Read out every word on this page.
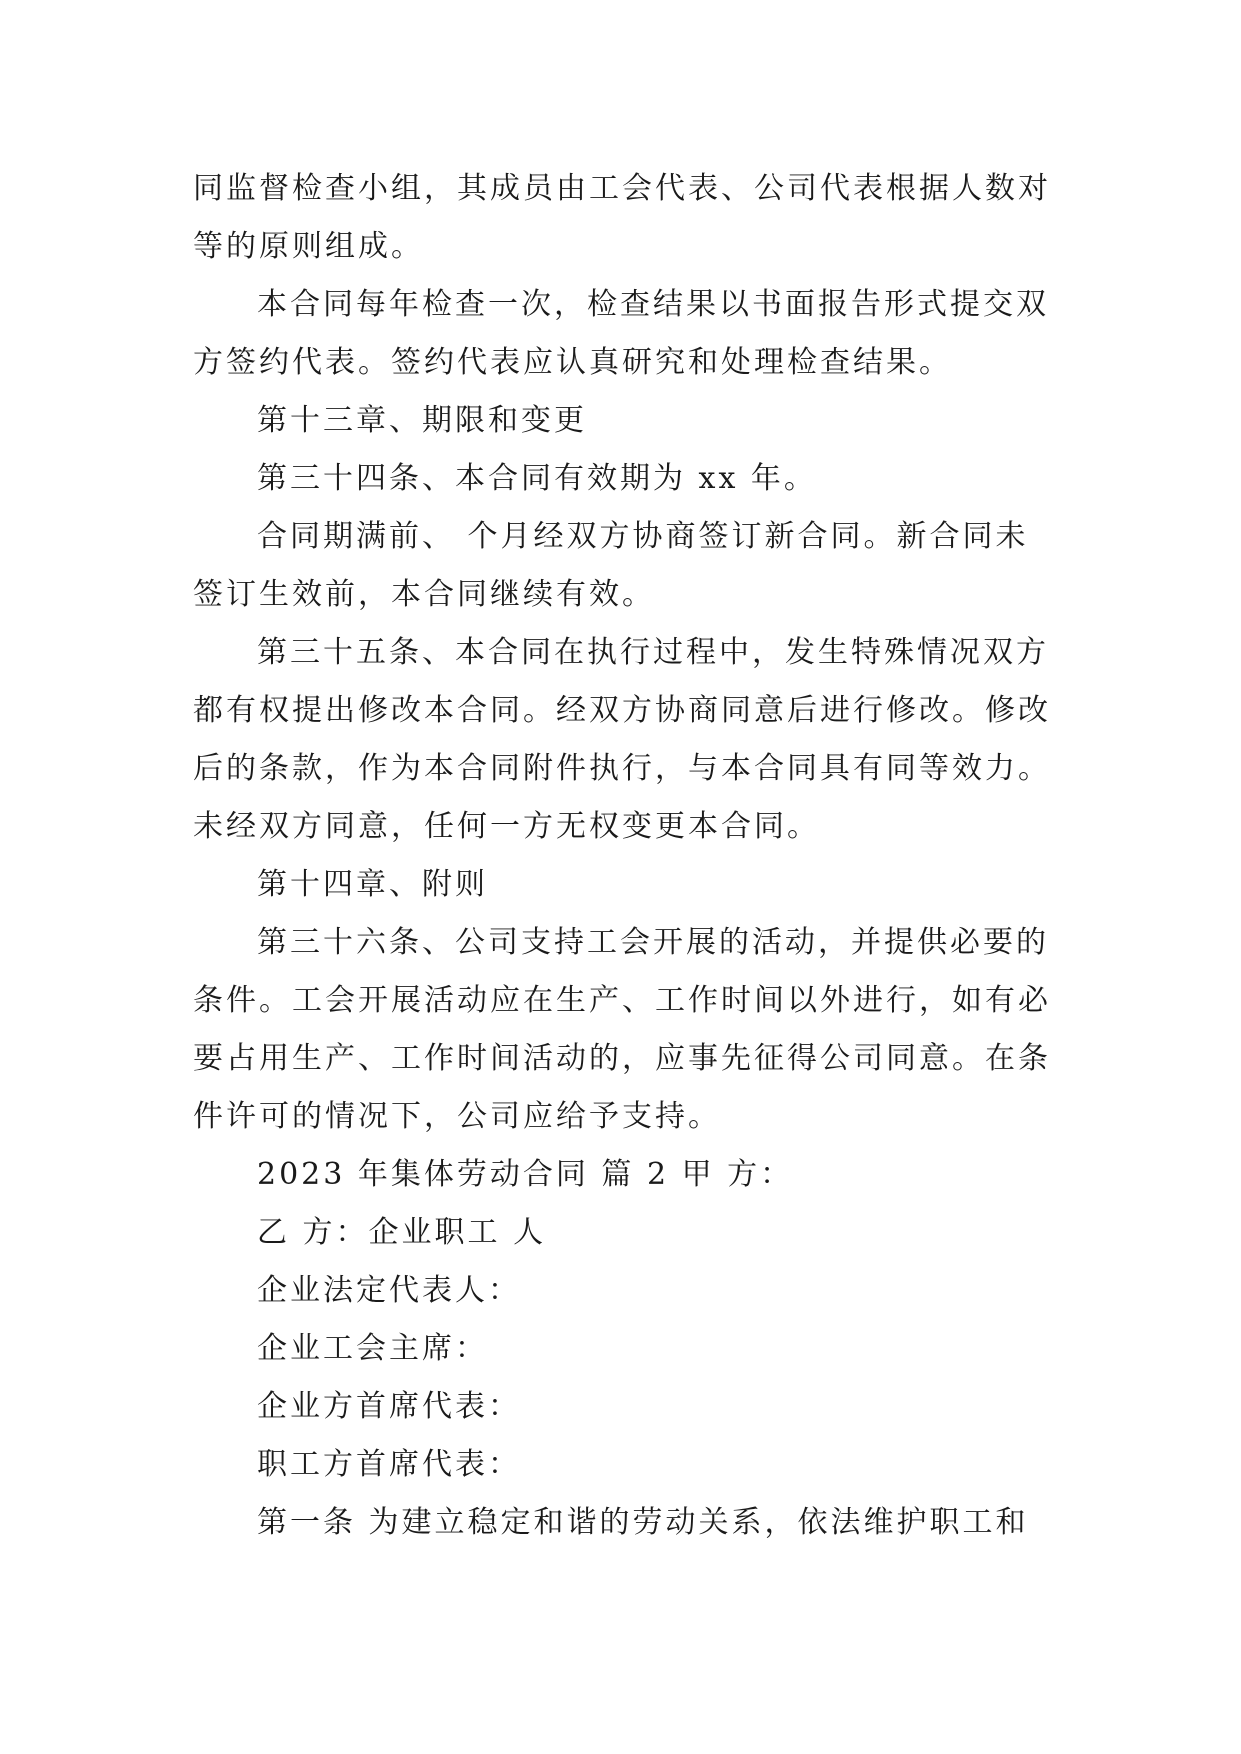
同监督检查小组，其成员由工会代表、公司代表根据人数对
等的原则组成。
本合同每年检查一次，检查结果以书面报告形式提交双
方签约代表。签约代表应认真研究和处理检查结果。
第十三章、期限和变更
第三十四条、本合同有效期为 xx 年。
合同期满前、 个月经双方协商签订新合同。新合同未
签订生效前，本合同继续有效。
第三十五条、本合同在执行过程中，发生特殊情况双方
都有权提出修改本合同。经双方协商同意后进行修改。修改
后的条款，作为本合同附件执行，与本合同具有同等效力。
未经双方同意，任何一方无权变更本合同。
第十四章、附则
第三十六条、公司支持工会开展的活动，并提供必要的
条件。工会开展活动应在生产、工作时间以外进行，如有必
要占用生产、工作时间活动的，应事先征得公司同意。在条
件许可的情况下，公司应给予支持。
2023 年集体劳动合同 篇 2 甲 方：
乙 方：企业职工 人
企业法定代表人：
企业工会主席：
企业方首席代表：
职工方首席代表：
第一条 为建立稳定和谐的劳动关系，依法维护职工和
